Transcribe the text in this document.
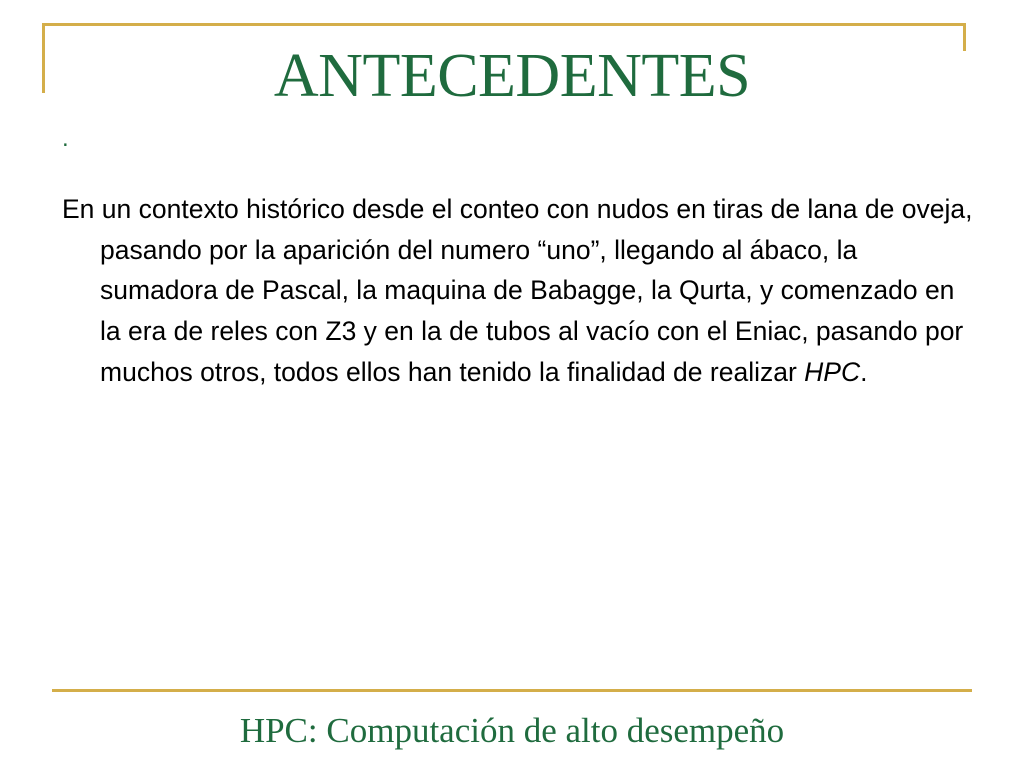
ANTECEDENTES
.
En un contexto histórico desde el conteo con nudos en tiras de lana de oveja, pasando por la aparición del numero “uno”, llegando al ábaco, la sumadora de Pascal, la maquina de Babagge, la Qurta, y comenzado en la era de reles con Z3 y en la de tubos al vacío con el Eniac, pasando por muchos otros, todos ellos han tenido la finalidad de realizar HPC.
HPC: Computación de alto desempeño
